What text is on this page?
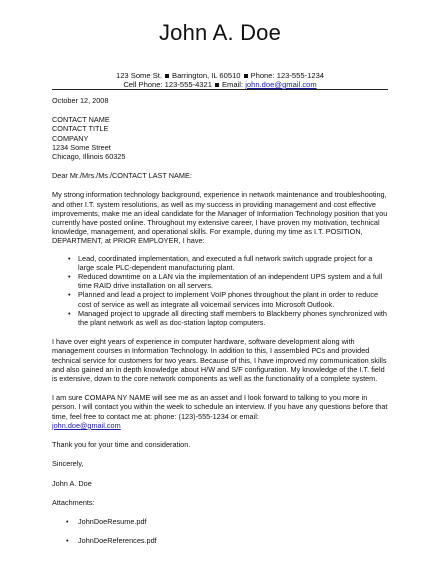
John A. Doe
123 Some St. Barrington, IL 60510 Phone: 123-555-1234
Cell Phone: 123-555-4321 Email: john.doe@gmail.com

October 12, 2008

CONTACT NAME
CONTACT TITLE
COMPANY
1234 Some Street
Chicago, Illinois 60325

Dear Mr./Mrs./Ms./CONTACT LAST NAME:

My strong information technology background, experience in network maintenance and troubleshooting, and other I.T. system resolutions, as well as my success in providing management and cost effective improvements, make me an ideal candidate for the Manager of Information Technology position that you currently have posted online. Throughout my extensive career, I have proven my motivation, technical knowledge, management, and operational skills. For example, during my time as I.T. POSITION, DEPARTMENT, at PRIOR EMPLOYER, I have:

• Lead, coordinated implementation, and executed a full network switch upgrade project for a large scale PLC-dependent manufacturing plant.
• Reduced downtime on a LAN via the implementation of an independent UPS system and a full time RAID drive installation on all servers.
• Planned and lead a project to implement VoIP phones throughout the plant in order to reduce cost of service as well as integrate all voicemail services into Microsoft Outlook.
• Managed project to upgrade all directing staff members to Blackberry phones synchronized with the plant network as well as doc-station laptop computers.

I have over eight years of experience in computer hardware, software development along with management courses in Information Technology. In addition to this, I assembled PCs and provided technical service for customers for two years. Because of this, I have improved my communication skills and also gained an in depth knowledge about H/W and S/F configuration. My knowledge of the I.T. field is extensive, down to the core network components as well as the functionality of a complete system.

I am sure COMAPA NY NAME will see me as an asset and I look forward to talking to you more in person. I will contact you within the week to schedule an interview. If you have any questions before that time, feel free to contact me at: phone: (123)-555-1234 or email:
john.doe@gmail.com

Thank you for your time and consideration.

Sincerely,

John A. Doe

Attachments:

• JohnDoeResume.pdf
• JohnDoeReferences.pdf
